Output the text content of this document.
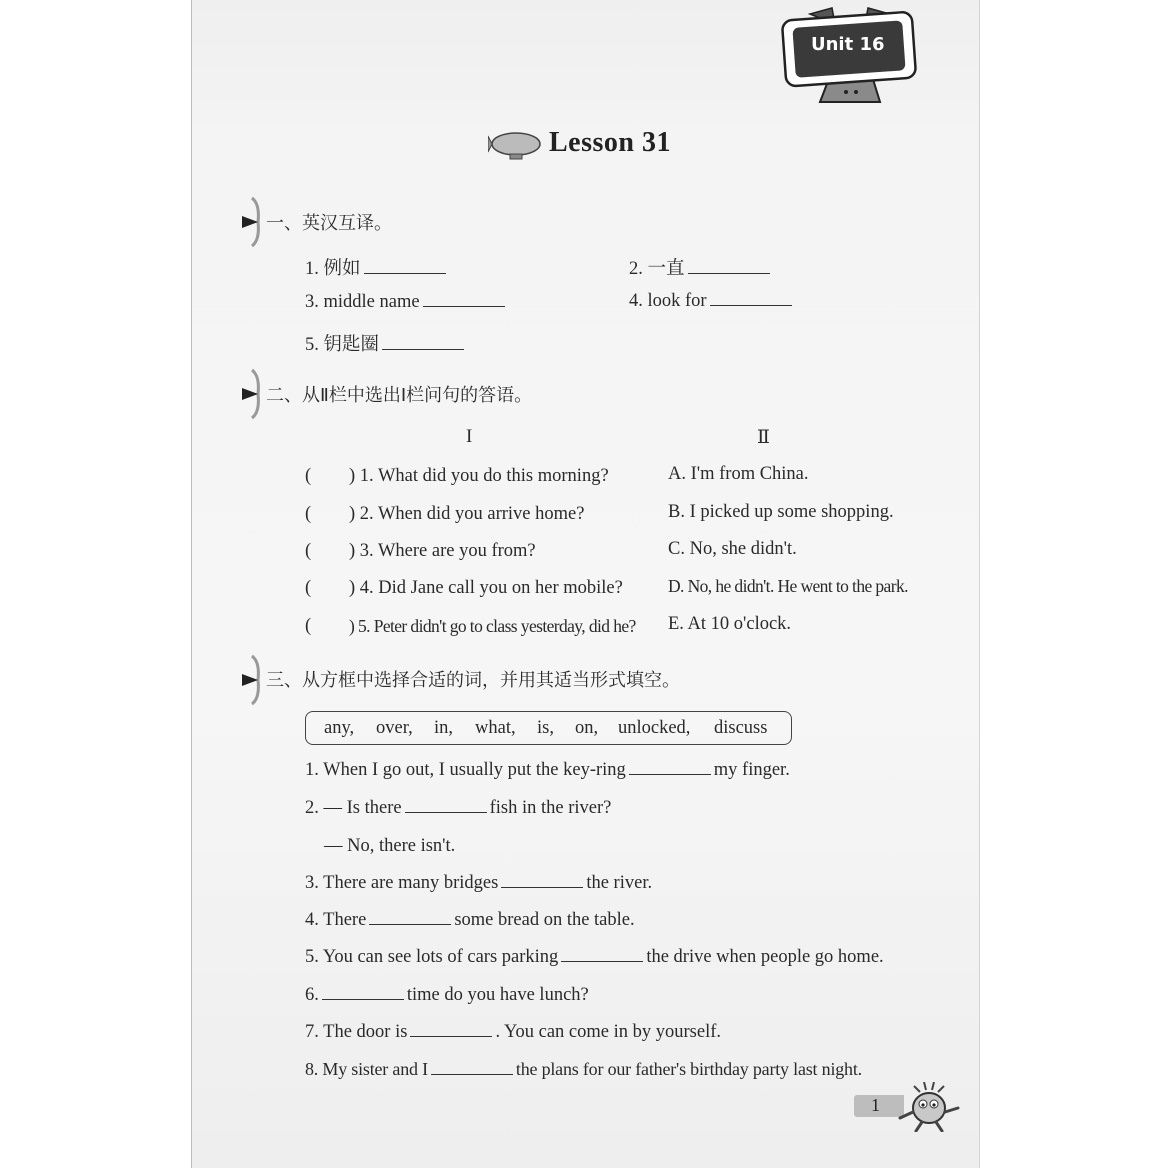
Unit 16
Lesson 31
一、英汉互译。
1. 例如	2. 一直
3. middle name	4. look for
5. 钥匙圈
二、从Ⅱ栏中选出Ⅰ栏问句的答语。
I	Ⅱ
( ) 1. What did you do this morning?	A. I'm from China.
( ) 2. When did you arrive home?	B. I picked up some shopping.
( ) 3. Where are you from?	C. No, she didn't.
( ) 4. Did Jane call you on her mobile?	D. No, he didn't. He went to the park.
( ) 5. Peter didn't go to class yesterday, did he? E. At 10 o'clock.
三、从方框中选择合适的词，并用其适当形式填空。
any, over, in, what, is, on, unlocked, discuss
1. When I go out, I usually put the key-ring	my finger.
2. — Is there	fish in the river?
— No, there isn't.
3. There are many bridges	the river.
4. There	some bread on the table.
5. You can see lots of cars parking	the drive when people go home.
6.	time do you have lunch?
7. The door is	. You can come in by yourself.
8. My sister and I	the plans for our father's birthday party last night.
1
